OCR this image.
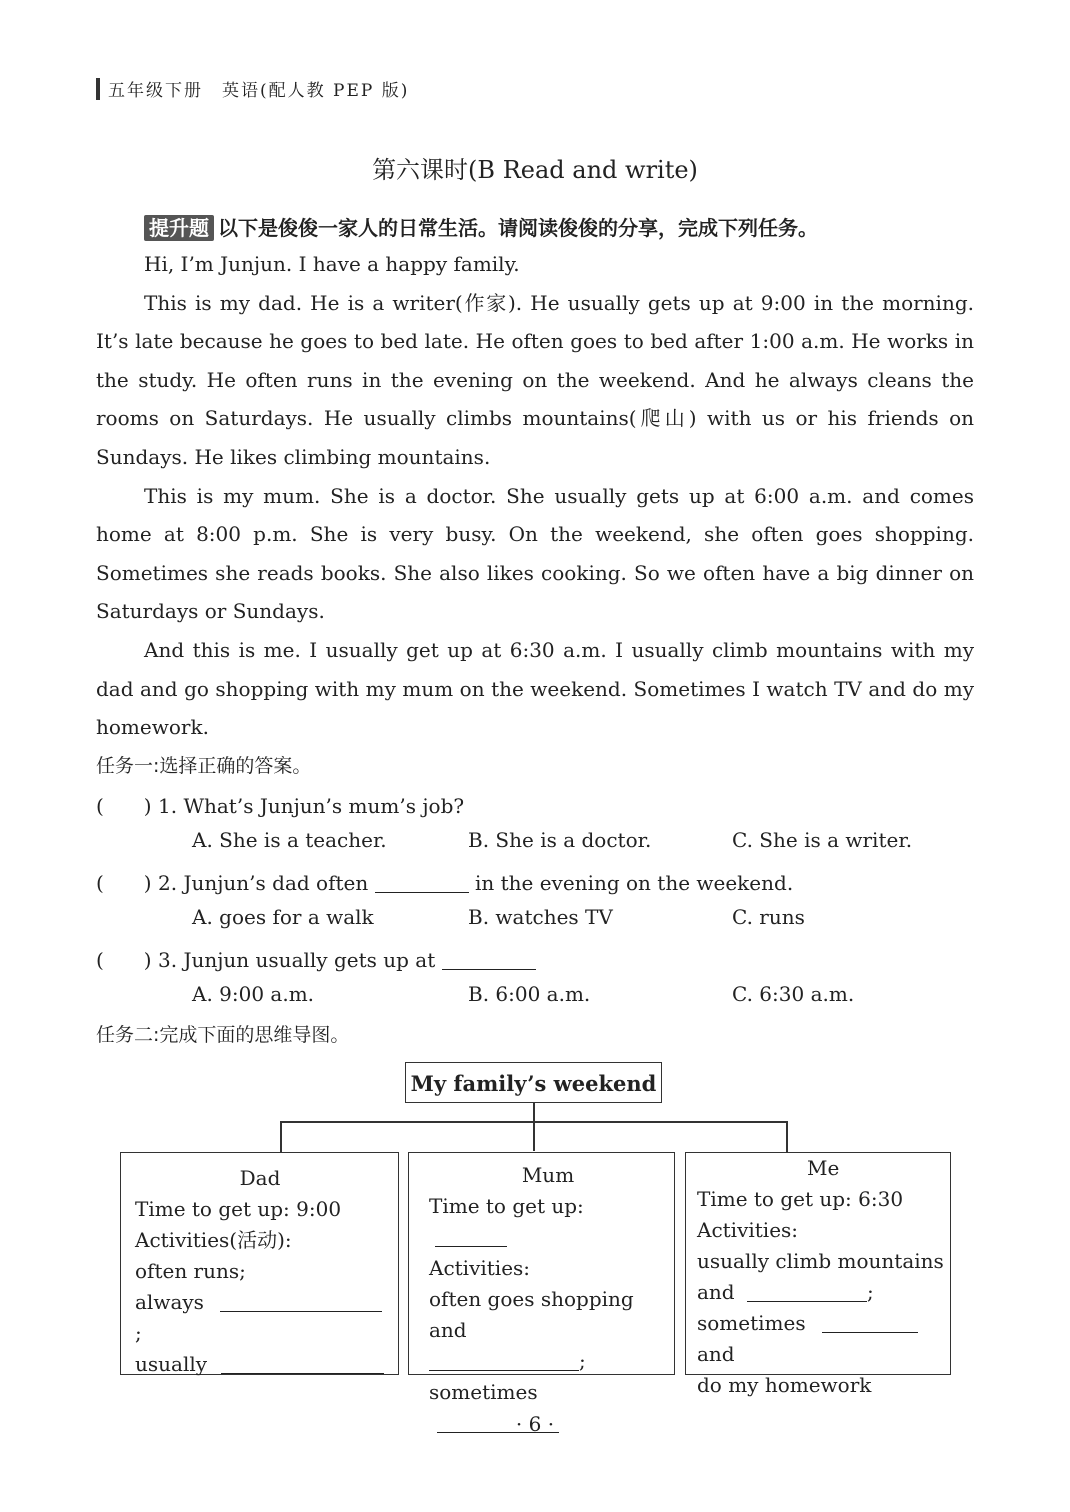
五年级下册　英语(配人教 PEP 版)
第六课时(B Read and write)
提升题 以下是俊俊一家人的日常生活。请阅读俊俊的分享，完成下列任务。

Hi, I’m Junjun. I have a happy family.

This is my dad. He is a writer(作家). He usually gets up at 9:00 in the morning. It’s late because he goes to bed late. He often goes to bed after 1:00 a.m. He works in the study. He often runs in the evening on the weekend. And he always cleans the rooms on Saturdays. He usually climbs mountains(爬山) with us or his friends on Sundays. He likes climbing mountains.

This is my mum. She is a doctor. She usually gets up at 6:00 a.m. and comes home at 8:00 p.m. She is very busy. On the weekend, she often goes shopping. Sometimes she reads books. She also likes cooking. So we often have a big dinner on Saturdays or Sundays.

And this is me. I usually get up at 6:30 a.m. I usually climb mountains with my dad and go shopping with my mum on the weekend. Sometimes I watch TV and do my homework.

任务一:选择正确的答案。
(　　) 1. What’s Junjun’s mum’s job?
A. She is a teacher.	B. She is a doctor.	C. She is a writer.
(　　) 2. Junjun’s dad often	in the evening on the weekend.
A. goes for a walk	B. watches TV	C. runs
(　　) 3. Junjun usually gets up at
A. 9:00 a.m.	B. 6:00 a.m.	C. 6:30 a.m.
任务二:完成下面的思维导图。
My family’s weekend
Dad
Time to get up: 9:00
Activities(活动):
often runs;
always ;
usually
Mum
Time to get up:
Activities:
often goes shopping and
;
sometimes
Me
Time to get up: 6:30
Activities:
usually climb mountains
and	;
sometimes and
do my homework
· 6 ·
